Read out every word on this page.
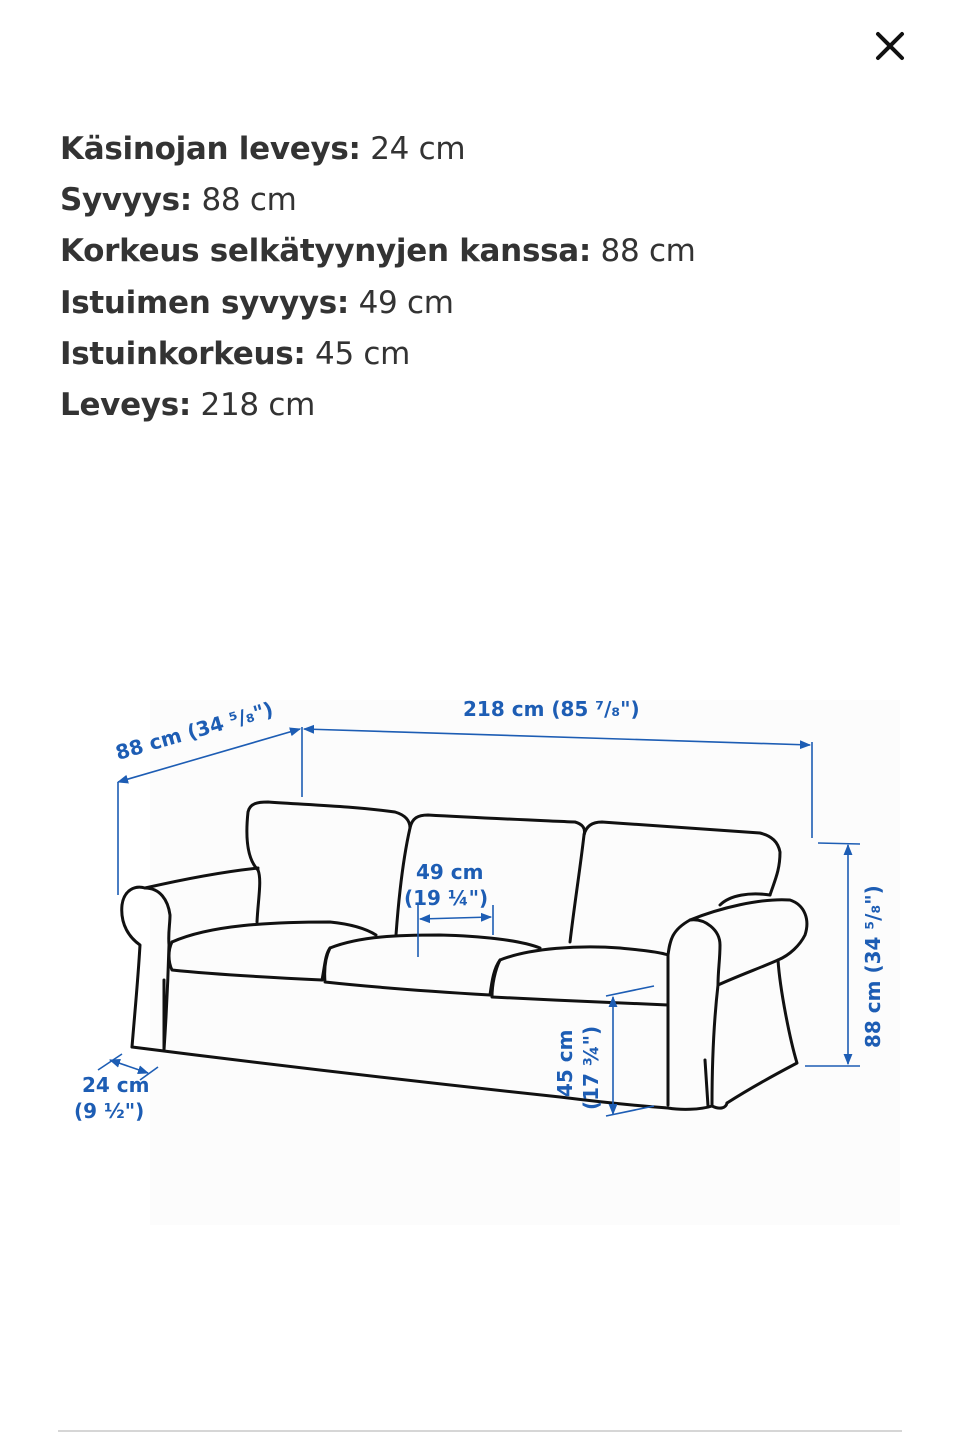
Käsinojan leveys: 24 cm
Syvyys: 88 cm
Korkeus selkätyynyjen kanssa: 88 cm
Istuimen syvyys: 49 cm
Istuinkorkeus: 45 cm
Leveys: 218 cm
88 cm (34 ⁵/₈")	218 cm (85 ⁷/₈")
88 cm (34 ⁵/₈")
49 cm
(19 ¼")
24 cm
(9 ½")
45 cm (17 ¾")
